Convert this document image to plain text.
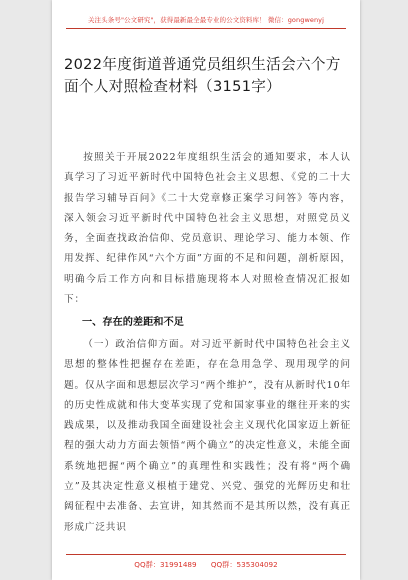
关注头条号"公文研究"，获得最新最全最专业的公文资料库！ 微信：gongwenyj
2022年度街道普通党员组织生活会六个方面个人对照检查材料（3151字）

按照关于开展2022年度组织生活会的通知要求，本人认真学习了习近平新时代中国特色社会主义思想、《党的二十大报告学习辅导百问》《二十大党章修正案学习问答》等内容，深入领会习近平新时代中国特色社会主义思想，对照党员义务，全面查找政治信仰、党员意识、理论学习、能力本领、作用发挥、纪律作风“六个方面”方面的不足和问题，剖析原因，明确今后工作方向和目标措施现将本人对照检查情况汇报如下：

一、存在的差距和不足

（一）政治信仰方面。对习近平新时代中国特色社会主义思想的整体性把握存在差距，存在急用急学、现用现学的问题。仅从字面和思想层次学习“两个维护”，没有从新时代10年的历史性成就和伟大变革实现了党和国家事业的继往开来的实践成果，以及推动我国全面建设社会主义现代化国家迈上新征程的强大动力方面去领悟“两个确立”的决定性意义，未能全面系统地把握“两个确立”的真理性和实践性；没有将“两个确立”及其决定性意义根植于建党、兴党、强党的光辉历史和壮阔征程中去准备、去宣讲，知其然而不是其所以然，没有真正形成广泛共识

QQ群：31991489 QQ群：535304092
